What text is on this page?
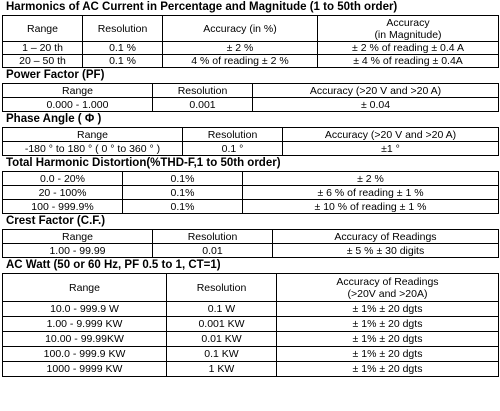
Harmonics of AC Current in Percentage and Magnitude (1 to 50th order)
Range	Resolution	Accuracy (in %)	Accuracy
(in Magnitude)
1 – 20 th	0.1 %	± 2 %	± 2 % of reading ± 0.4 A
20 – 50 th	0.1 %	4 % of reading ± 2 %	± 4 % of reading ± 0.4A
Power Factor (PF)
Range	Resolution	Accuracy (>20 V and >20 A)
0.000 - 1.000	0.001	± 0.04
Phase Angle ( Φ )
Range	Resolution	Accuracy (>20 V and >20 A)
-180 ° to 180 ° ( 0 ° to 360 ° )	0.1 °	±1 °
Total Harmonic Distortion(%THD-F,1 to 50th order)
0.0 - 20%	0.1%	± 2 %
20 - 100%	0.1%	± 6 % of reading ± 1 %
100 - 999.9%	0.1%	± 10 % of reading ± 1 %
Crest Factor (C.F.)
Range	Resolution	Accuracy of Readings
1.00 - 99.99	0.01	± 5 % ± 30 digits
AC Watt (50 or 60 Hz, PF 0.5 to 1, CT=1)
Range	Resolution	Accuracy of Readings
(>20V and >20A)
10.0 - 999.9 W	0.1 W	± 1% ± 20 dgts
1.00 - 9.999 KW	0.001 KW	± 1% ± 20 dgts
10.00 - 99.99KW	0.01 KW	± 1% ± 20 dgts
100.0 - 999.9 KW	0.1 KW	± 1% ± 20 dgts
1000 - 9999 KW	1 KW	± 1% ± 20 dgts
